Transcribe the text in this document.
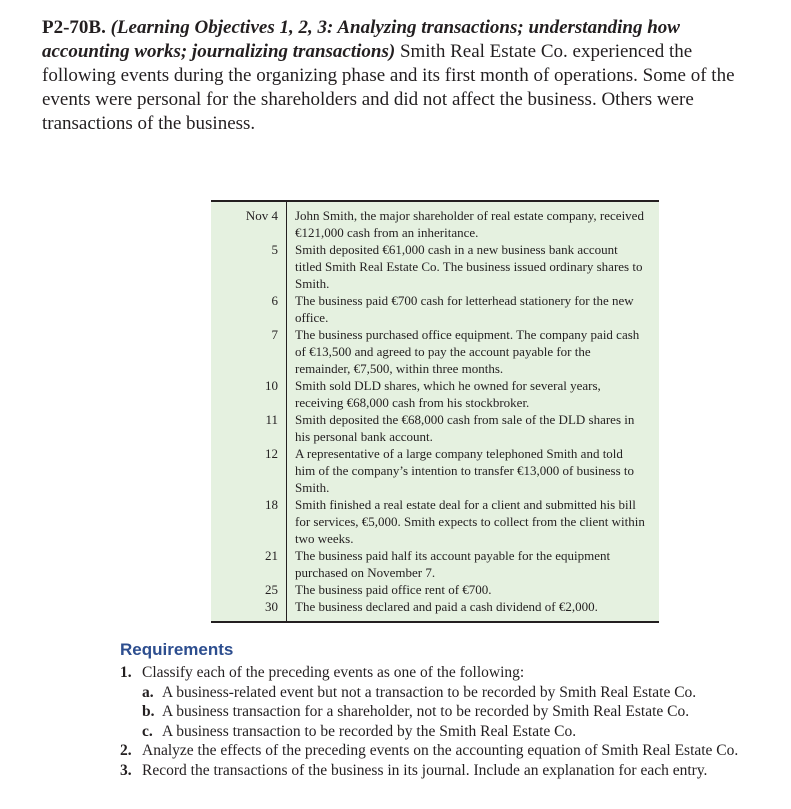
P2-70B. (Learning Objectives 1, 2, 3: Analyzing transactions; understanding how accounting works; journalizing transactions) Smith Real Estate Co. experienced the following events during the organizing phase and its first month of operations. Some of the events were personal for the shareholders and did not affect the business. Others were transactions of the business.
Nov 4	John Smith, the major shareholder of real estate company, received €121,000 cash from an inheritance.
5	Smith deposited €61,000 cash in a new business bank account titled Smith Real Estate Co. The business issued ordinary shares to Smith.
6	The business paid €700 cash for letterhead stationery for the new office.
7	The business purchased office equipment. The company paid cash of €13,500 and agreed to pay the account payable for the remainder, €7,500, within three months.
10	Smith sold DLD shares, which he owned for several years, receiving €68,000 cash from his stockbroker.
11	Smith deposited the €68,000 cash from sale of the DLD shares in his personal bank account.
12	A representative of a large company telephoned Smith and told him of the company’s intention to transfer €13,000 of business to Smith.
18	Smith finished a real estate deal for a client and submitted his bill for services, €5,000. Smith expects to collect from the client within two weeks.
21	The business paid half its account payable for the equipment purchased on November 7.
25	The business paid office rent of €700.
30	The business declared and paid a cash dividend of €2,000.
Requirements
1. Classify each of the preceding events as one of the following:
a. A business-related event but not a transaction to be recorded by Smith Real Estate Co.
b. A business transaction for a shareholder, not to be recorded by Smith Real Estate Co.
c. A business transaction to be recorded by the Smith Real Estate Co.
2. Analyze the effects of the preceding events on the accounting equation of Smith Real Estate Co.
3. Record the transactions of the business in its journal. Include an explanation for each entry.
